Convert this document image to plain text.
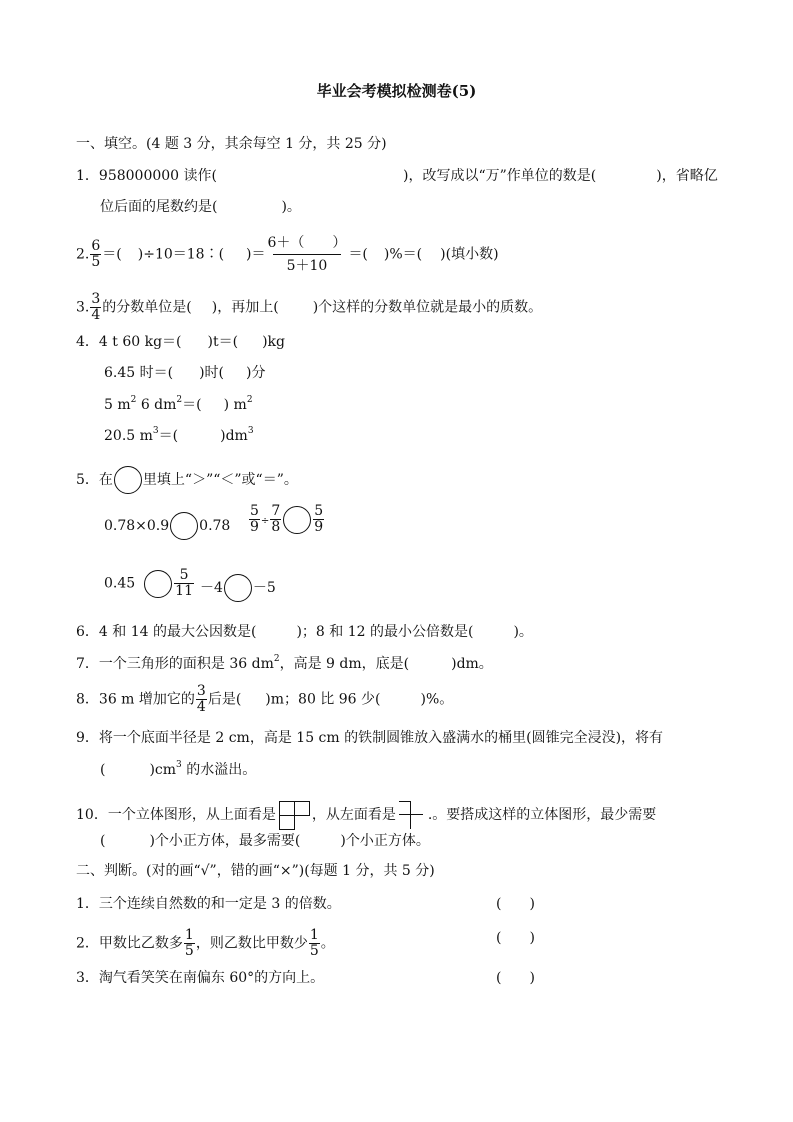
毕业会考模拟检测卷(5)
一、填空。(4 题 3 分，其余每空 1 分，共 25 分)
1．958000000 读作(	)，改写成以“万”作单位的数是(	)，省略亿
位后面的尾数约是(	)。
2. $\frac{6}{5}$ ＝( )÷10＝18∶( )＝ $\frac{6+( )}{5+10}$ ＝( )%＝( )(填小数)
3. $\frac{3}{4}$ 的分数单位是( )，再加上( )个这样的分数单位就是最小的质数。
4．4 t 60 kg＝( )t＝( )kg
6.45 时＝( )时( )分
5 $m^2$ 6 $dm^2=$( ) $m^2$
20.5 $m^3=$(	)$dm^3$
5．在 里填上“＞”“＜”或“＝”。
0.78×0.9 $0.78 \frac{5}{9} \div \frac{7}{8} \frac{5}{9}$
0.45	$\frac{5}{11} -4 -5$
6．4 和 14 的最大公因数是(	)；8 和 12 的最小公倍数是(	)。
7．一个三角形的面积是 36 $dm^2$，高是 9 dm，底是(	)dm。
8．36 m 增加它的 $\frac{3}{4}$ 后是( )m；80 比 96 少(	)%。
9．将一个底面半径是 2 cm，高是 15 cm 的铁制圆锥放入盛满水的桶里(圆锥完全浸没)，将有
(	)$cm^3$ 的水溢出。
10．一个立体图形，从上面看是	，从左面看是 .。要搭成这样的立体图形，最少需要
(	)个小正方体，最多需要(	)个小正方体。
二、判断。(对的画“√”，错的画“×”)(每题 1 分，共 5 分)
1．三个连续自然数的和一定是 3 的倍数。	( )
2．甲数比乙数多 $\frac{1}{5}$ ，则乙数比甲数少 $\frac{1}{5}$ 。	( )
3．淘气看笑笑在南偏东 60°的方向上。	( )
